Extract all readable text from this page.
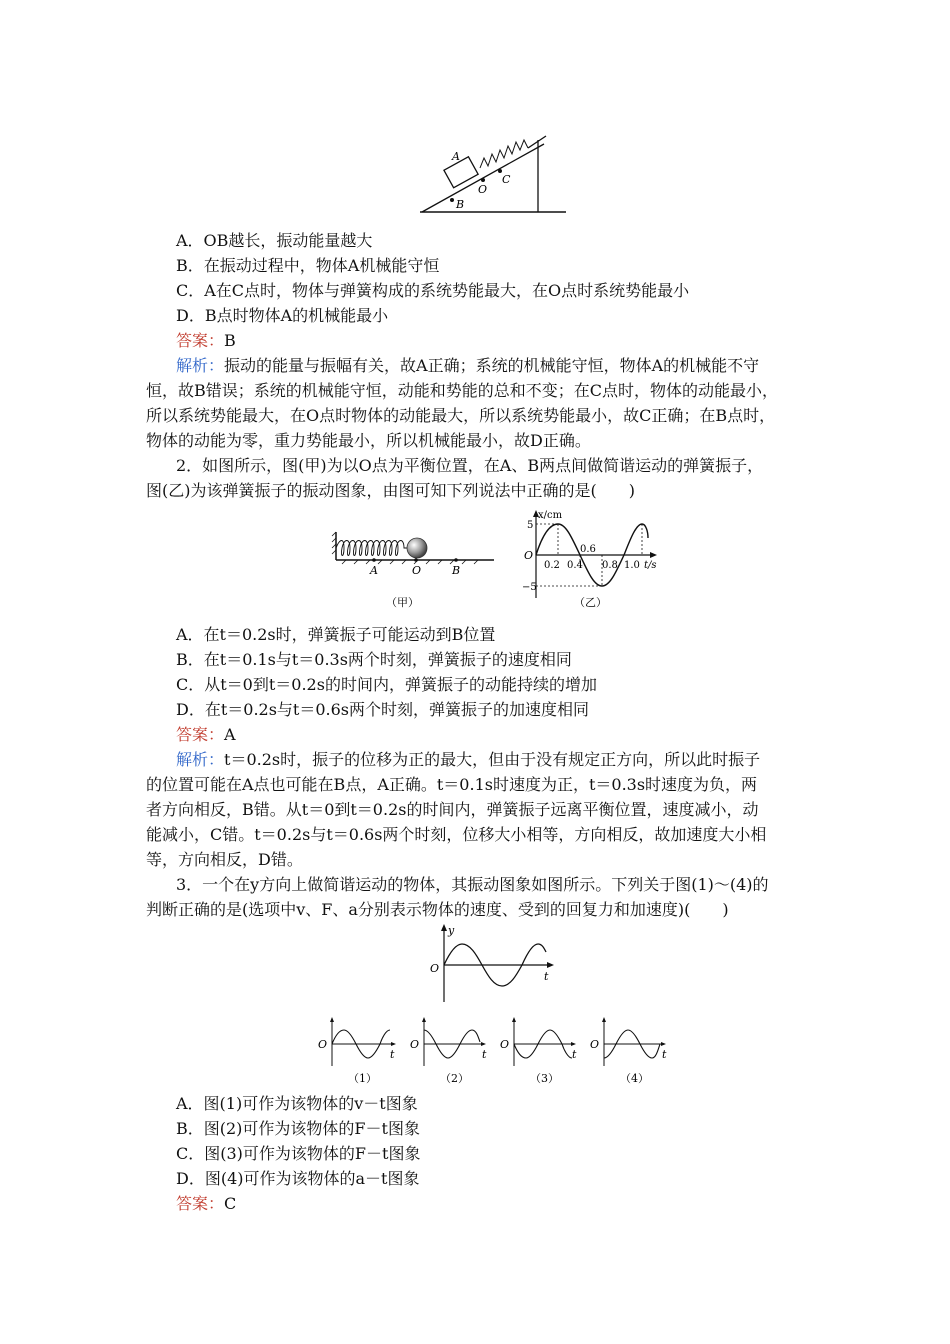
A
B
O
C
A．OB越长，振动能量越大
B．在振动过程中，物体A机械能守恒
C．A在C点时，物体与弹簧构成的系统势能最大，在O点时系统势能最小
D．B点时物体A的机械能最小
答案：B
解析：振动的能量与振幅有关，故A正确；系统的机械能守恒，物体A的机械能不守
恒，故B错误；系统的机械能守恒，动能和势能的总和不变；在C点时，物体的动能最小，
所以系统势能最大，在O点时物体的动能最大，所以系统势能最小，故C正确；在B点时，
物体的动能为零，重力势能最小，所以机械能最小，故D正确。
2．如图所示，图(甲)为以O点为平衡位置，在A、B两点间做简谐运动的弹簧振子，
图(乙)为该弹簧振子的振动图象，由图可知下列说法中正确的是(　　)
A	O	B
（甲）
x/cm
t/s
O
5
−5
0.2 0.4
0.6
0.8 1.0
（乙）
A．在t＝0.2s时，弹簧振子可能运动到B位置
B．在t＝0.1s与t＝0.3s两个时刻，弹簧振子的速度相同
C．从t＝0到t＝0.2s的时间内，弹簧振子的动能持续的增加
D．在t＝0.2s与t＝0.6s两个时刻，弹簧振子的加速度相同
答案：A
解析：t＝0.2s时，振子的位移为正的最大，但由于没有规定正方向，所以此时振子
的位置可能在A点也可能在B点，A正确。t＝0.1s时速度为正，t＝0.3s时速度为负，两
者方向相反，B错。从t＝0到t＝0.2s的时间内，弹簧振子远离平衡位置，速度减小，动
能减小，C错。t＝0.2s与t＝0.6s两个时刻，位移大小相等，方向相反，故加速度大小相
等，方向相反，D错。
3．一个在y方向上做简谐运动的物体，其振动图象如图所示。下列关于图(1)～(4)的
判断正确的是(选项中v、F、a分别表示物体的速度、受到的回复力和加速度)(　　)
y
t
O
O
t
（1）
O
t
（2）
O
t
（3）
O
t
（4）
A．图(1)可作为该物体的v－t图象
B．图(2)可作为该物体的F－t图象
C．图(3)可作为该物体的F－t图象
D．图(4)可作为该物体的a－t图象
答案：C
